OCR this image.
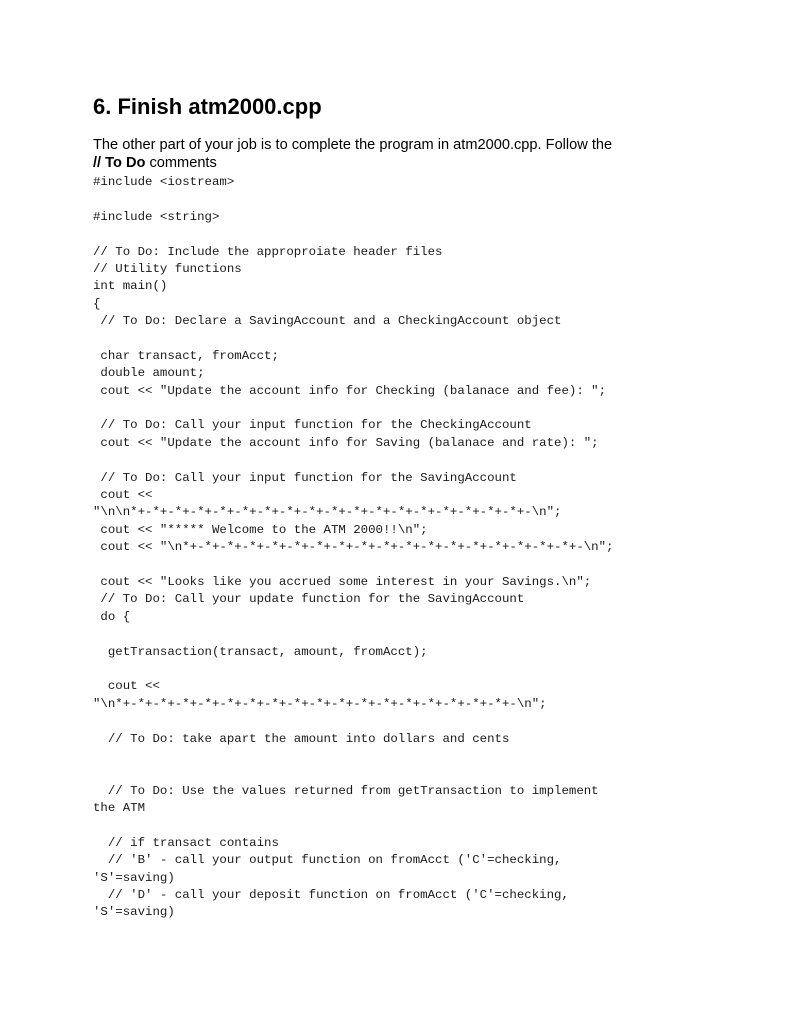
6. Finish atm2000.cpp
The other part of your job is to complete the program in atm2000.cpp. Follow the
// To Do comments
#include <iostream>
#include <string>
// To Do: Include the approproiate header files
// Utility functions
int main()
{
// To Do: Declare a SavingAccount and a CheckingAccount object
char transact, fromAcct;
double amount;
cout << "Update the account info for Checking (balanace and fee): ";
// To Do: Call your input function for the CheckingAccount
cout << "Update the account info for Saving (balanace and rate): ";
// To Do: Call your input function for the SavingAccount
cout <<
"\n\n*+-*+-*+-*+-*+-*+-*+-*+-*+-*+-*+-*+-*+-*+-*+-*+-*+-*+-\n";
cout << "***** Welcome to the ATM 2000!!\n";
cout << "\n*+-*+-*+-*+-*+-*+-*+-*+-*+-*+-*+-*+-*+-*+-*+-*+-*+-*+-\n";
cout << "Looks like you accrued some interest in your Savings.\n";
// To Do: Call your update function for the SavingAccount
do {
getTransaction(transact, amount, fromAcct);
cout <<
"\n*+-*+-*+-*+-*+-*+-*+-*+-*+-*+-*+-*+-*+-*+-*+-*+-*+-*+-\n";
// To Do: take apart the amount into dollars and cents
// To Do: Use the values returned from getTransaction to implement
the ATM
// if transact contains
// 'B' - call your output function on fromAcct ('C'=checking,
'S'=saving)
// 'D' - call your deposit function on fromAcct ('C'=checking,
'S'=saving)
